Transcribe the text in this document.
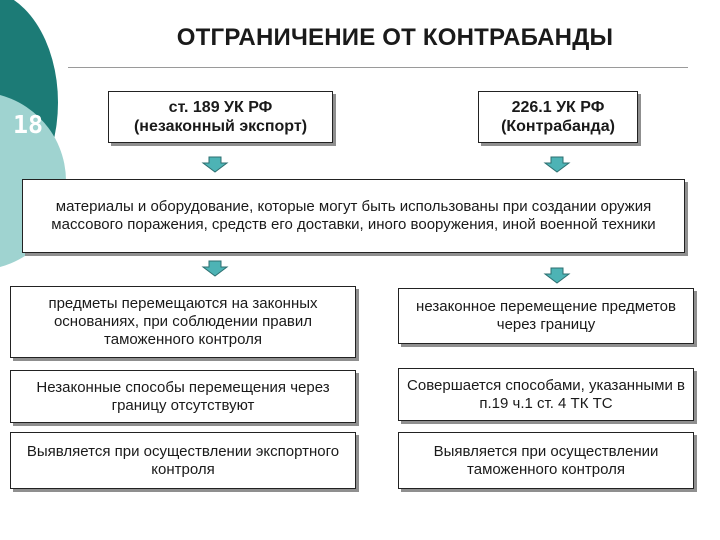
18
ОТГРАНИЧЕНИЕ ОТ КОНТРАБАНДЫ
ст. 189 УК РФ
(незаконный экспорт)
226.1 УК РФ
(Контрабанда)
материалы и оборудование, которые могут быть использованы при создании оружия массового поражения, средств его доставки, иного вооружения, иной военной техники
предметы перемещаются на законных основаниях, при соблюдении правил таможенного контроля
незаконное перемещение предметов через границу
Незаконные способы перемещения через границу отсутствуют
Совершается способами, указанными в п.19 ч.1 ст. 4 ТК ТС
Выявляется при осуществлении экспортного контроля
Выявляется при осуществлении таможенного контроля
